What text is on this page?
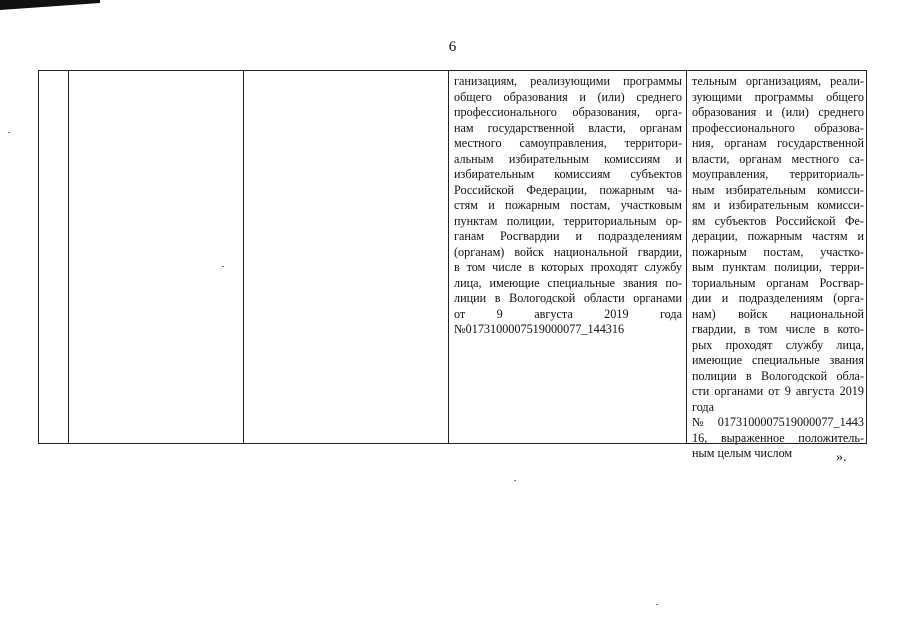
6
ганизациям, реализующими программы
общего образования и (или) среднего
профессионального образования, орга-
нам государственной власти, органам
местного самоуправления, территори-
альным избирательным комиссиям и
избирательным комиссиям субъектов
Российской Федерации, пожарным ча-
стям и пожарным постам, участковым
пунктам полиции, территориальным ор-
ганам Росгвардии и подразделениям
(органам) войск национальной гвардии,
в том числе в которых проходят службу
лица, имеющие специальные звания по-
лиции в Вологодской области органами
от 9 августа 2019 года
№0173100007519000077_144316
тельным организациям, реали-
зующими программы общего
образования и (или) среднего
профессионального образова-
ния, органам государственной
власти, органам местного са-
моуправления, территориаль-
ным избирательным комисси-
ям и избирательным комисси-
ям субъектов Российской Фе-
дерации, пожарным частям и
пожарным постам, участко-
вым пунктам полиции, терри-
ториальным органам Росгвар-
дии и подразделениям (орга-
нам) войск национальной
гвардии, в том числе в кото-
рых проходят службу лица,
имеющие специальные звания
полиции в Вологодской обла-
сти органами от 9 августа 2019
года
№0173100007519000077_1443
16, выраженное положитель-
ным целым числом	».
